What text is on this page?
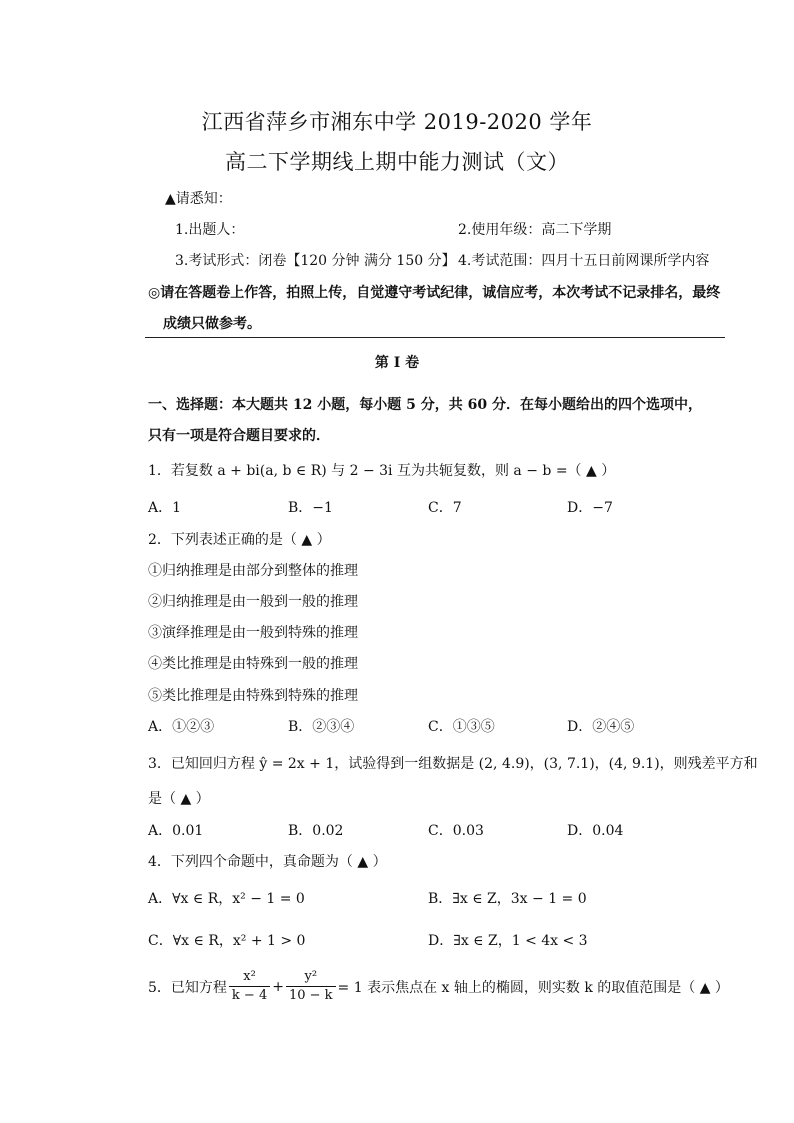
江西省萍乡市湘东中学 2019-2020 学年
高二下学期线上期中能力测试（文）
▲请悉知：
1.出题人：	2.使用年级：高二下学期
3.考试形式：闭卷【120 分钟 满分 150 分】 4.考试范围：四月十五日前网课所学内容
◎请在答题卷上作答，拍照上传，自觉遵守考试纪律，诚信应考，本次考试不记录排名，最终
成绩只做参考。
第 I 卷
一、选择题：本大题共 12 小题，每小题 5 分，共 60 分．在每小题给出的四个选项中，
只有一项是符合题目要求的．
1．若复数 a + bi(a, b ∈ R) 与 2 − 3i 互为共轭复数，则 a − b =（ ▲ ）
A．1	B．−1	C．7	D．−7
2．下列表述正确的是（ ▲ ）
①归纳推理是由部分到整体的推理
②归纳推理是由一般到一般的推理
③演绎推理是由一般到特殊的推理
④类比推理是由特殊到一般的推理
⑤类比推理是由特殊到特殊的推理
A．①②③	B．②③④	C．①③⑤	D．②④⑤
3．已知回归方程 ŷ = 2x + 1，试验得到一组数据是 (2, 4.9)，(3, 7.1)，(4, 9.1)，则残差平方和
是（ ▲ ）
A．0.01	B．0.02	C．0.03	D．0.04
4．下列四个命题中，真命题为（ ▲ ）
A．∀x ∈ R，x² − 1 = 0	B．∃x ∈ Z，3x − 1 = 0
C．∀x ∈ R，x² + 1 > 0	D．∃x ∈ Z，1 < 4x < 3
5．已知方程 $\frac{\text{x²}}{k - 4} + \frac{\text{y²}}{10 - k} = 1$ 表示焦点在 x 轴上的椭圆，则实数 k 的取值范围是（ ▲ ）
